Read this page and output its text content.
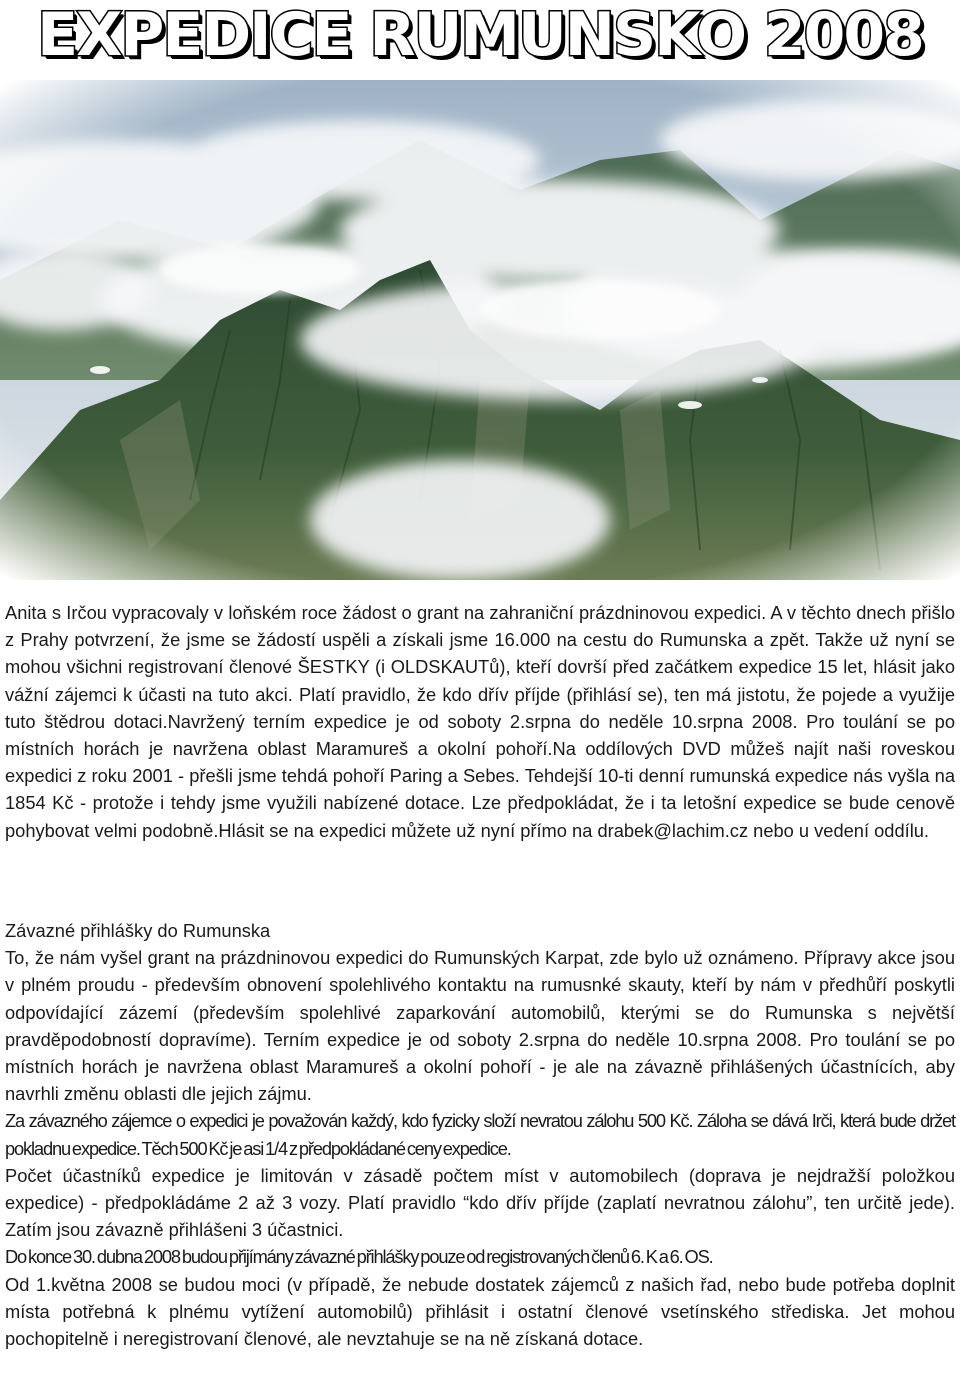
EXPEDICE RUMUNSKO 2008

Anita s Irčou vypracovaly v loňském roce žádost o grant na zahraniční prázdninovou expedici. A v těchto dnech přišlo z Prahy potvrzení, že jsme se žádostí uspěli a získali jsme 16.000 na cestu do Rumunska a zpět. Takže už nyní se mohou všichni registrovaní členové ŠESTKY (i OLDSKAUTů), kteří dovrší před začátkem expedice 15 let, hlásit jako vážní zájemci k účasti na tuto akci. Platí pravidlo, že kdo dřív příjde (přihlásí se), ten má jistotu, že pojede a využije tuto štědrou dotaci.Navržený terním expedice je od soboty 2.srpna do neděle 10.srpna 2008. Pro toulání se po místních horách je navržena oblast Maramureš a okolní pohoří.Na oddílových DVD můžeš najít naši roveskou expedici z roku 2001 - přešli jsme tehdá pohoří Paring a Sebes. Tehdejší 10-ti denní rumunská expedice nás vyšla na 1854 Kč - protože i tehdy jsme využili nabízené dotace. Lze předpokládat, že i ta letošní expedice se bude cenově pohybovat velmi podobně.Hlásit se na expedici můžete už nyní přímo na drabek@lachim.cz nebo u vedení oddílu.

Závazné přihlášky do Rumunska

To, že nám vyšel grant na prázdninovou expedici do Rumunských Karpat, zde bylo už oznámeno. Přípravy akce jsou v plném proudu - především obnovení spolehlivého kontaktu na rumusnké skauty, kteří by nám v předhůří poskytli odpovídající zázemí (především spolehlivé zaparkování automobilů, kterými se do Rumunska s největší pravděpodobností dopravíme). Terním expedice je od soboty 2.srpna do neděle 10.srpna 2008. Pro toulání se po místních horách je navržena oblast Maramureš a okolní pohoří - je ale na závazně přihlášených účastnících, aby navrhli změnu oblasti dle jejich zájmu.

Za závazného zájemce o expedici je považován každý, kdo fyzicky složí nevratou zálohu 500 Kč. Záloha se dává Irči, která bude držet pokladnu expedice. Těch 500 Kč je asi 1/4 z předpokládané ceny expedice.

Počet účastníků expedice je limitován v zásadě počtem míst v automobilech (doprava je nejdražší položkou expedice) - předpokládáme 2 až 3 vozy. Platí pravidlo “kdo dřív příjde (zaplatí nevratnou zálohu”, ten určitě jede). Zatím jsou závazně přihlášeni 3 účastnici.

Do konce 30. dubna 2008 budou přijímány závazné přihlášky pouze od registrovaných členů 6. K a 6. OS.

Od 1.května 2008 se budou moci (v případě, že nebude dostatek zájemců z našich řad, nebo bude potřeba doplnit místa potřebná k plnému vytížení automobilů) přihlásit i ostatní členové vsetínského střediska. Jet mohou pochopitelně i neregistrovaní členové, ale nevztahuje se na ně získaná dotace.
